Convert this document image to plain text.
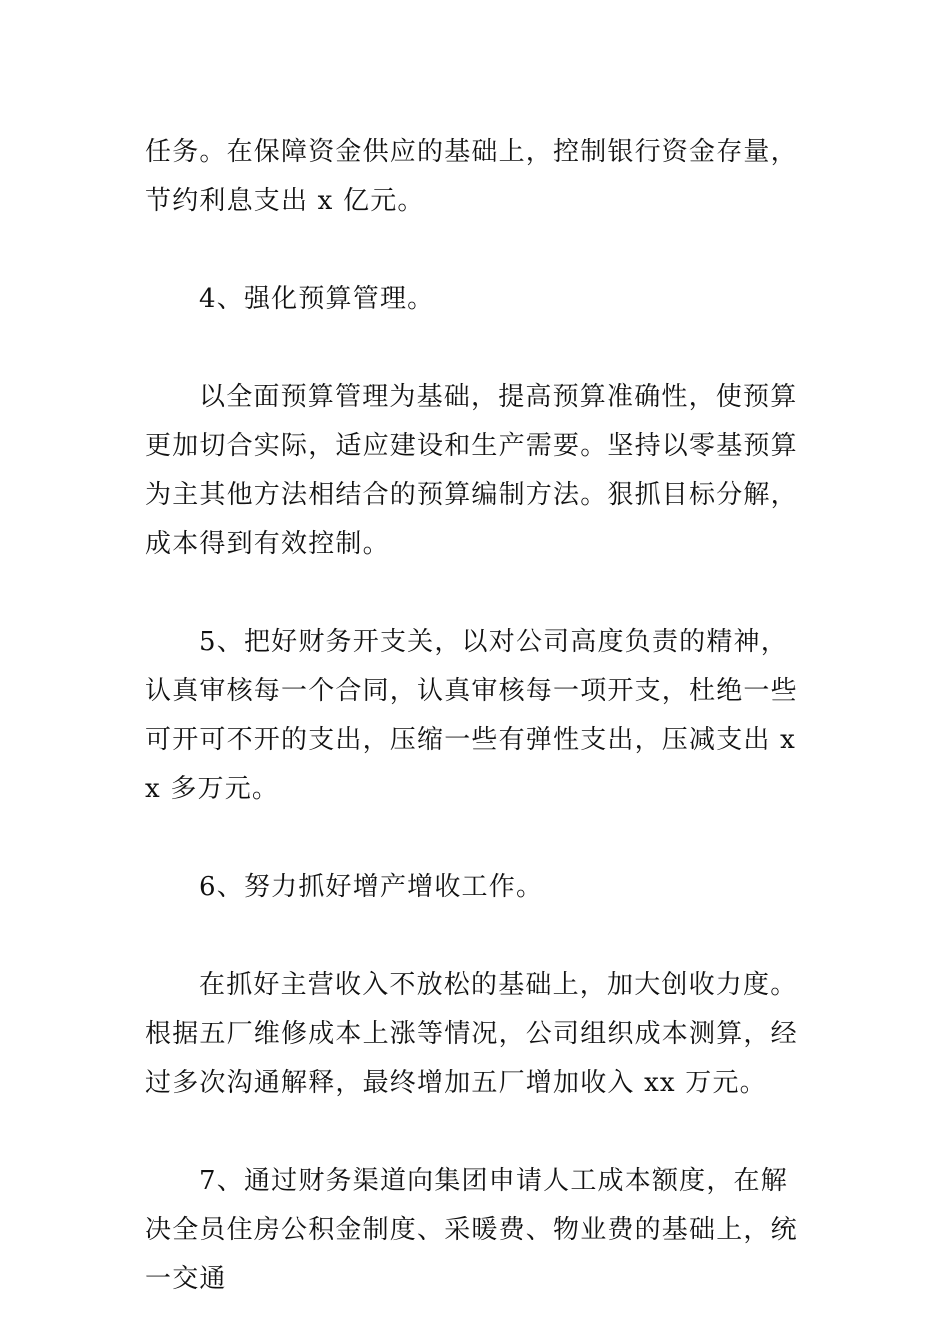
任务。在保障资金供应的基础上，控制银行资金存量，节约利息支出 x 亿元。

4、强化预算管理。

以全面预算管理为基础，提高预算准确性，使预算更加切合实际，适应建设和生产需要。坚持以零基预算为主其他方法相结合的预算编制方法。狠抓目标分解，成本得到有效控制。

5、把好财务开支关，以对公司高度负责的精神，认真审核每一个合同，认真审核每一项开支，杜绝一些可开可不开的支出，压缩一些有弹性支出，压减支出 xx 多万元。

6、努力抓好增产增收工作。

在抓好主营收入不放松的基础上，加大创收力度。根据五厂维修成本上涨等情况，公司组织成本测算，经过多次沟通解释，最终增加五厂增加收入 xx 万元。

7、通过财务渠道向集团申请人工成本额度，在解决全员住房公积金制度、采暖费、物业费的基础上，统一交通
